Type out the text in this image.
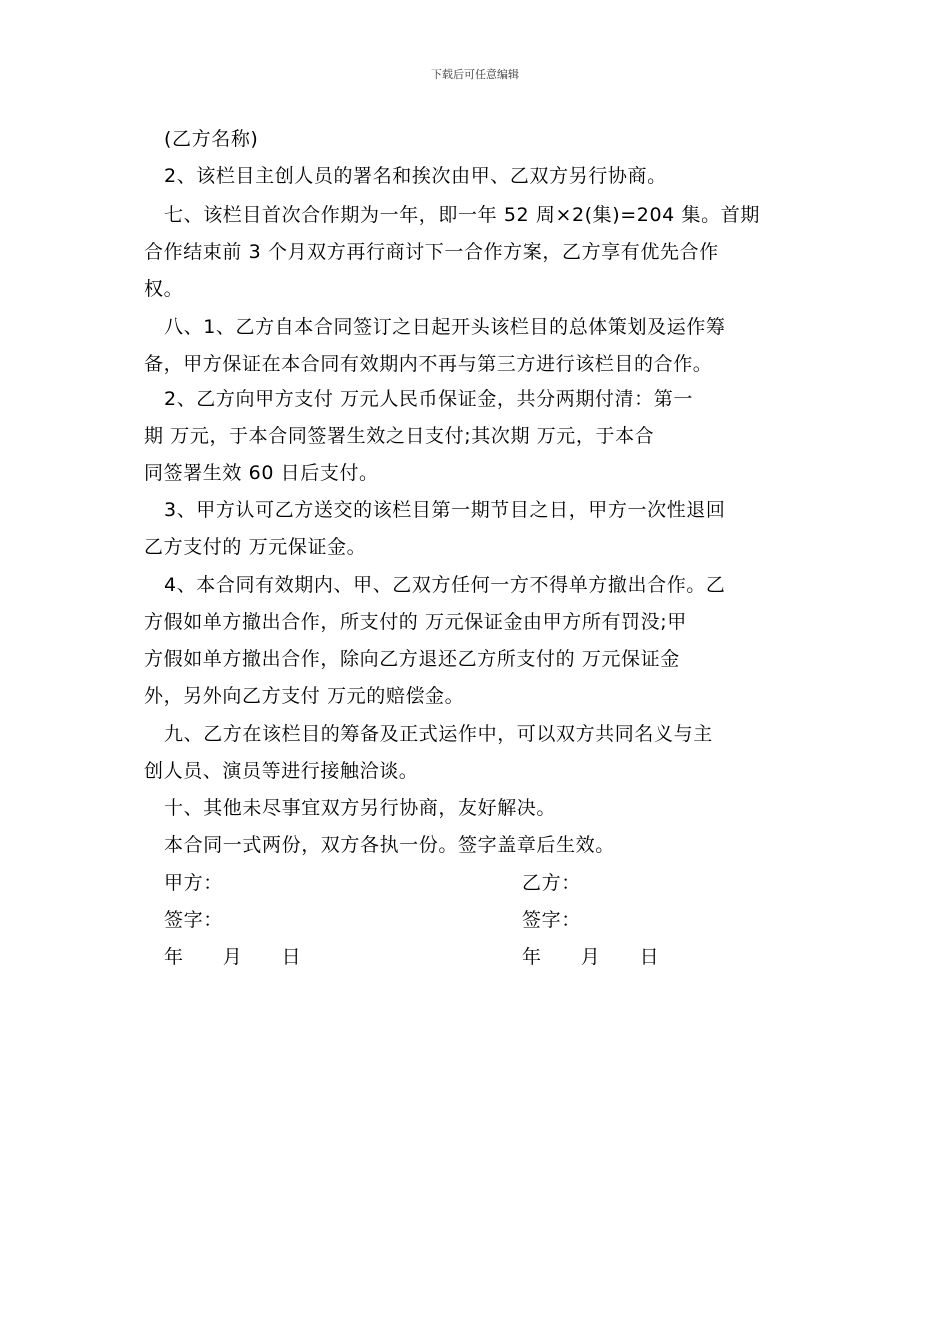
下载后可任意编辑
(乙方名称)
2、该栏目主创人员的署名和挨次由甲、乙双方另行协商。
七、该栏目首次合作期为一年，即一年 52 周×2(集)=204 集。首期
合作结束前 3 个月双方再行商讨下一合作方案，乙方享有优先合作
权。
八、1、乙方自本合同签订之日起开头该栏目的总体策划及运作筹
备，甲方保证在本合同有效期内不再与第三方进行该栏目的合作。
2、乙方向甲方支付 万元人民币保证金，共分两期付清：第一
期 万元，于本合同签署生效之日支付;其次期 万元，于本合
同签署生效 60 日后支付。
3、甲方认可乙方送交的该栏目第一期节目之日，甲方一次性退回
乙方支付的 万元保证金。
4、本合同有效期内、甲、乙双方任何一方不得单方撤出合作。乙
方假如单方撤出合作，所支付的 万元保证金由甲方所有罚没;甲
方假如单方撤出合作，除向乙方退还乙方所支付的 万元保证金
外，另外向乙方支付 万元的赔偿金。
九、乙方在该栏目的筹备及正式运作中，可以双方共同名义与主
创人员、演员等进行接触洽谈。
十、其他未尽事宜双方另行协商，友好解决。
本合同一式两份，双方各执一份。签字盖章后生效。
甲方：	乙方：
签字：	签字：
年　　月　　日	年　　月　　日
